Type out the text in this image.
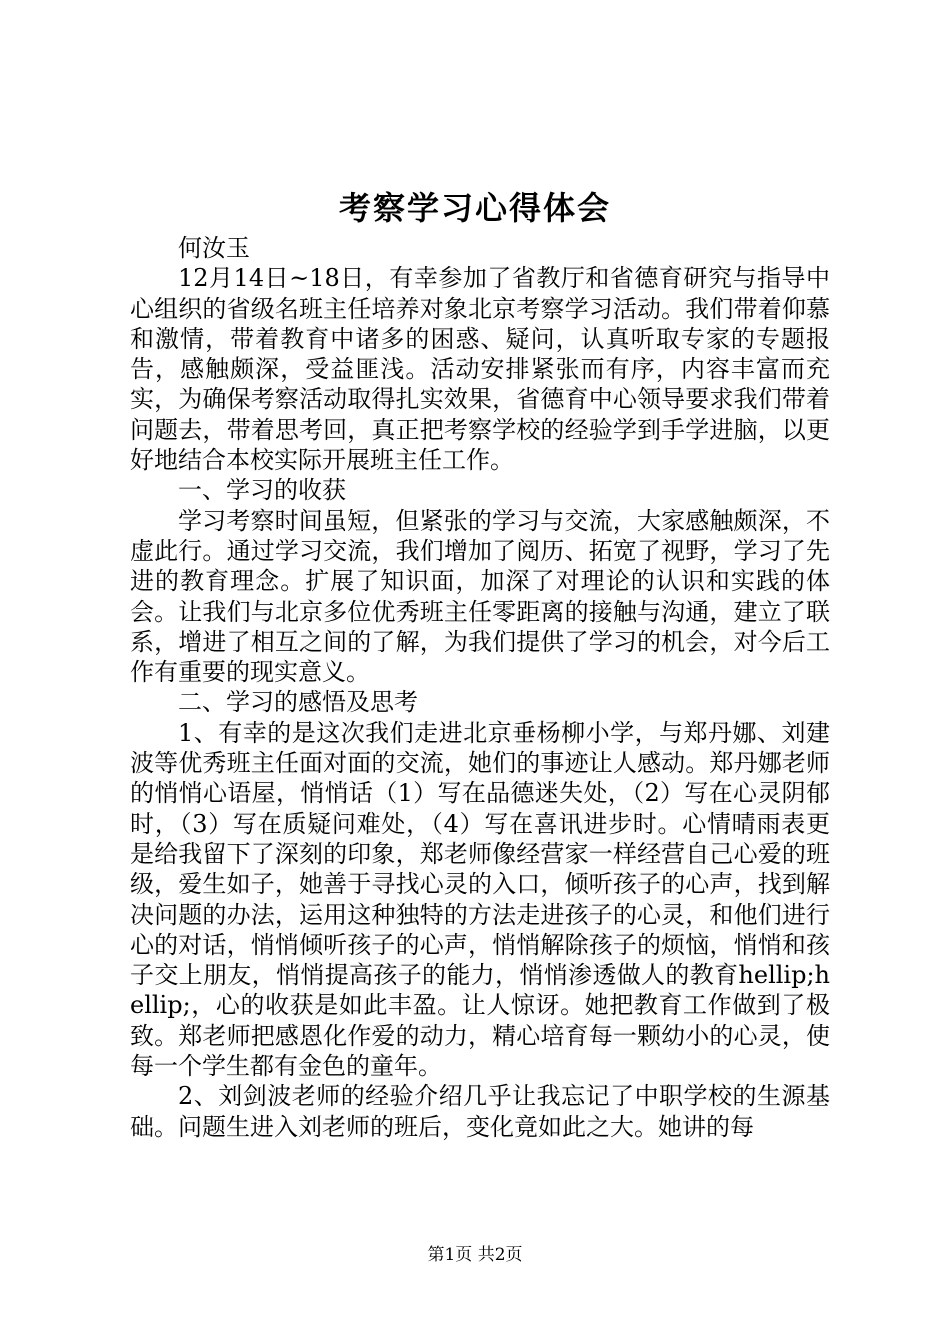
考察学习心得体会

何汝玉

12月14日~18日，有幸参加了省教厅和省德育研究与指导中心组织的省级名班主任培养对象北京考察学习活动。我们带着仰慕和激情，带着教育中诸多的困惑、疑问，认真听取专家的专题报告，感触颇深，受益匪浅。活动安排紧张而有序，内容丰富而充实，为确保考察活动取得扎实效果，省德育中心领导要求我们带着问题去，带着思考回，真正把考察学校的经验学到手学进脑，以更好地结合本校实际开展班主任工作。

一、学习的收获

学习考察时间虽短，但紧张的学习与交流，大家感触颇深，不虚此行。通过学习交流，我们增加了阅历、拓宽了视野，学习了先进的教育理念。扩展了知识面，加深了对理论的认识和实践的体会。让我们与北京多位优秀班主任零距离的接触与沟通，建立了联系，增进了相互之间的了解，为我们提供了学习的机会，对今后工作有重要的现实意义。

二、学习的感悟及思考

1、有幸的是这次我们走进北京垂杨柳小学，与郑丹娜、刘建波等优秀班主任面对面的交流，她们的事迹让人感动。郑丹娜老师的悄悄心语屋，悄悄话（1）写在品德迷失处，（2）写在心灵阴郁时，（3）写在质疑问难处，（4）写在喜讯进步时。心情晴雨表更是给我留下了深刻的印象，郑老师像经营家一样经营自己心爱的班级，爱生如子，她善于寻找心灵的入口，倾听孩子的心声，找到解决问题的办法，运用这种独特的方法走进孩子的心灵，和他们进行心的对话，悄悄倾听孩子的心声，悄悄解除孩子的烦恼，悄悄和孩子交上朋友，悄悄提高孩子的能力，悄悄渗透做人的教育hellip;hellip;，心的收获是如此丰盈。让人惊讶。她把教育工作做到了极致。郑老师把感恩化作爱的动力，精心培育每一颗幼小的心灵，使每一个学生都有金色的童年。

2、刘剑波老师的经验介绍几乎让我忘记了中职学校的生源基础。问题生进入刘老师的班后，变化竟如此之大。她讲的每

第1页 共2页
